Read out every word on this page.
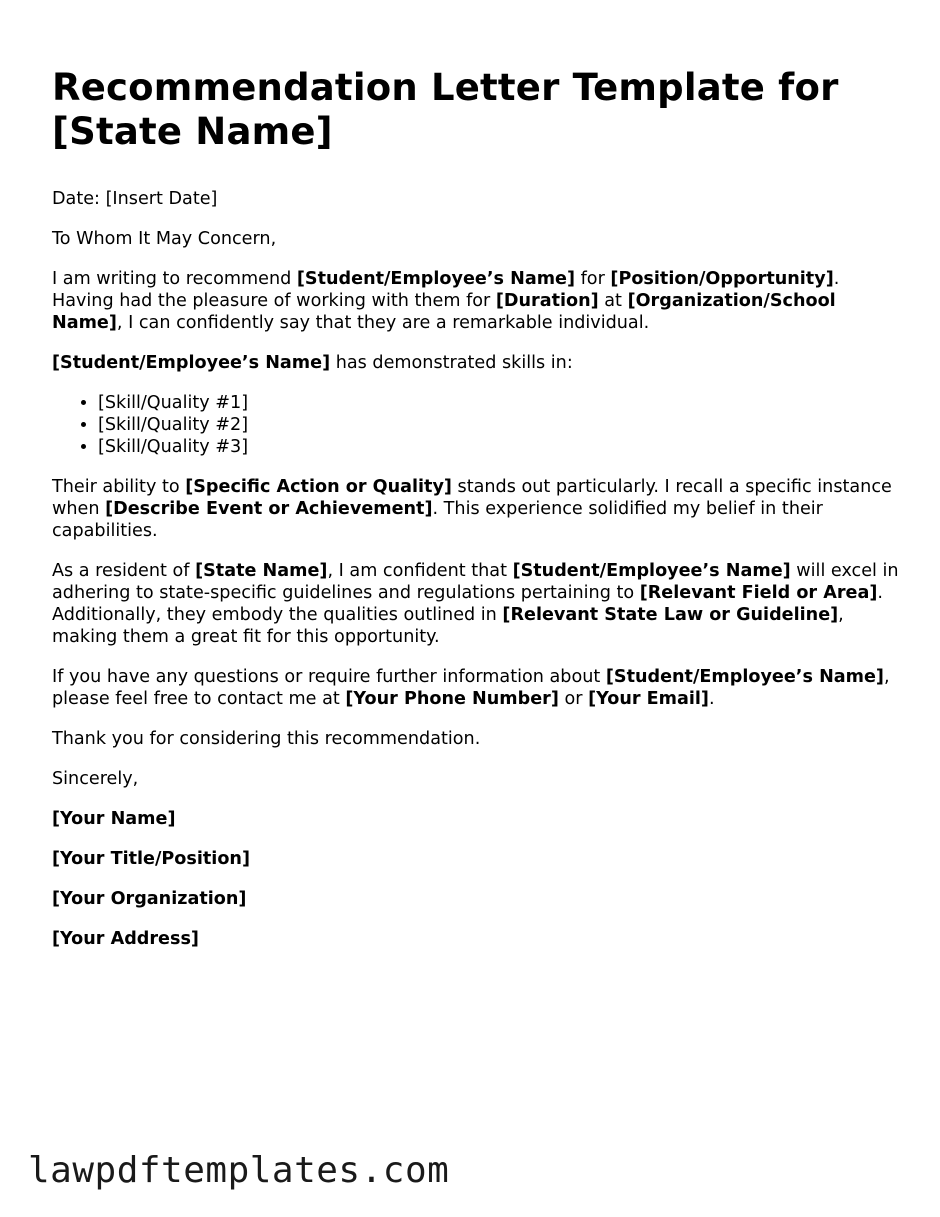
Recommendation Letter Template for [State Name]

Date: [Insert Date]

To Whom It May Concern,

I am writing to recommend [Student/Employee’s Name] for [Position/Opportunity]. Having had the pleasure of working with them for [Duration] at [Organization/School Name], I can confidently say that they are a remarkable individual.

[Student/Employee’s Name] has demonstrated skills in:

• [Skill/Quality #1]
• [Skill/Quality #2]
• [Skill/Quality #3]

Their ability to [Specific Action or Quality] stands out particularly. I recall a specific instance when [Describe Event or Achievement]. This experience solidified my belief in their capabilities.

As a resident of [State Name], I am confident that [Student/Employee’s Name] will excel in adhering to state-specific guidelines and regulations pertaining to [Relevant Field or Area]. Additionally, they embody the qualities outlined in [Relevant State Law or Guideline], making them a great fit for this opportunity.

If you have any questions or require further information about [Student/Employee’s Name], please feel free to contact me at [Your Phone Number] or [Your Email].

Thank you for considering this recommendation.

Sincerely,

[Your Name]

[Your Title/Position]

[Your Organization]

[Your Address]

lawpdftemplates.com
